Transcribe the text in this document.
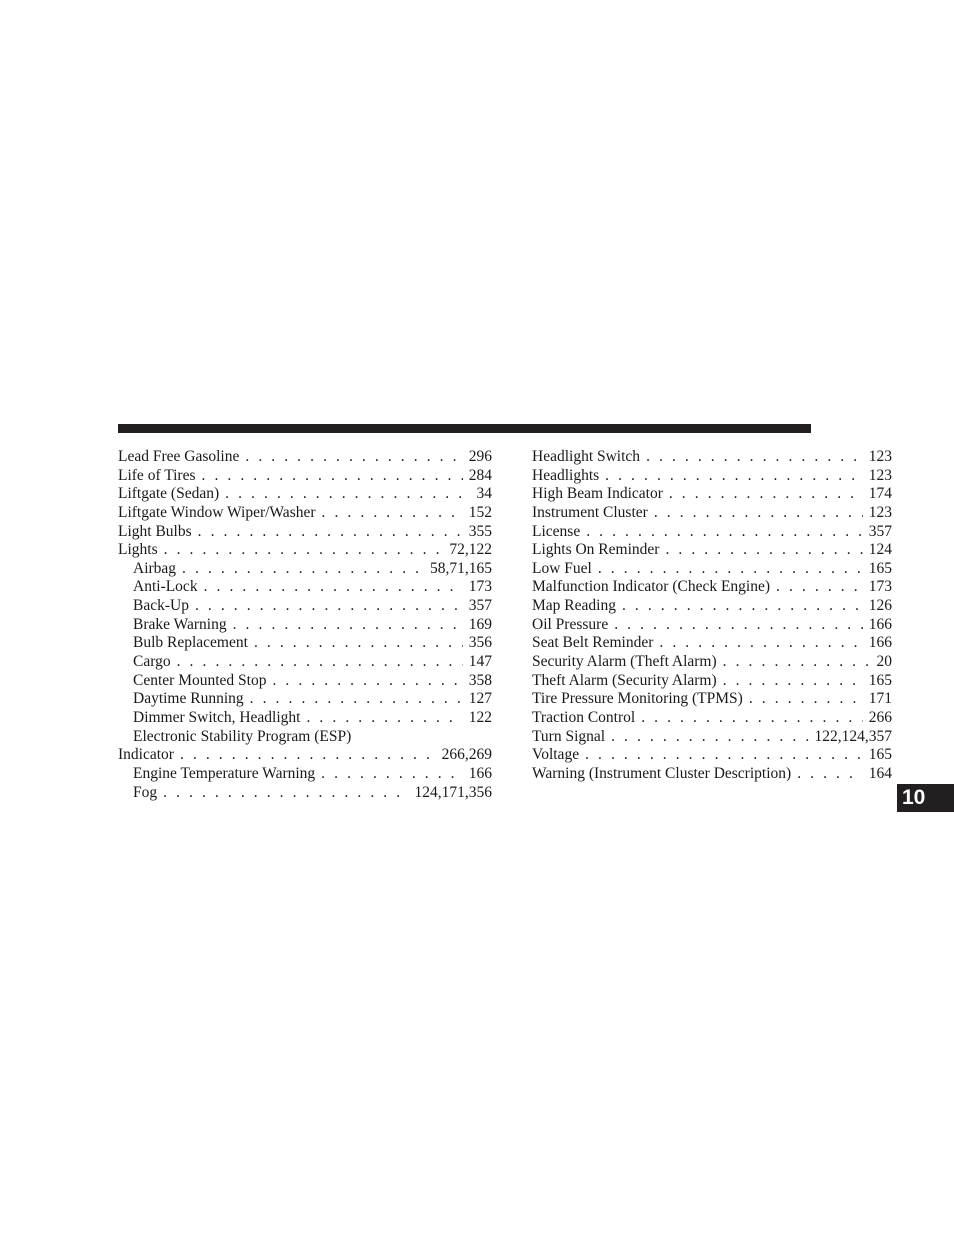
Lead Free Gasoline . . .	296
Life of Tires . . .	284
Liftgate (Sedan) . . .	34
Liftgate Window Wiper/Washer . . .	152
Light Bulbs . . .	355
Lights . . .	72,122
Airbag . . .	58,71,165
Anti-Lock . . .	173
Back-Up . . .	357
Brake Warning . . .	169
Bulb Replacement . . .	356
Cargo . . .	147
Center Mounted Stop . . .	358
Daytime Running . . .	127
Dimmer Switch, Headlight . . .	122
Electronic Stability Program (ESP)
Indicator . . .	266,269
Engine Temperature Warning . . .	166
Fog . . .	124,171,356
Headlight Switch . . .	123
Headlights . . .	123
High Beam Indicator . . .	174
Instrument Cluster . . .	123
License . . .	357
Lights On Reminder . . .	124
Low Fuel . . .	165
Malfunction Indicator (Check Engine) . . .	173
Map Reading . . .	126
Oil Pressure . . .	166
Seat Belt Reminder . . .	166
Security Alarm (Theft Alarm) . . .	20
Theft Alarm (Security Alarm) . . .	165
Tire Pressure Monitoring (TPMS) . . .	171
Traction Control . . .	266
Turn Signal . . .	122,124,357
Voltage . . .	165
Warning (Instrument Cluster Description) . . .	164
10
